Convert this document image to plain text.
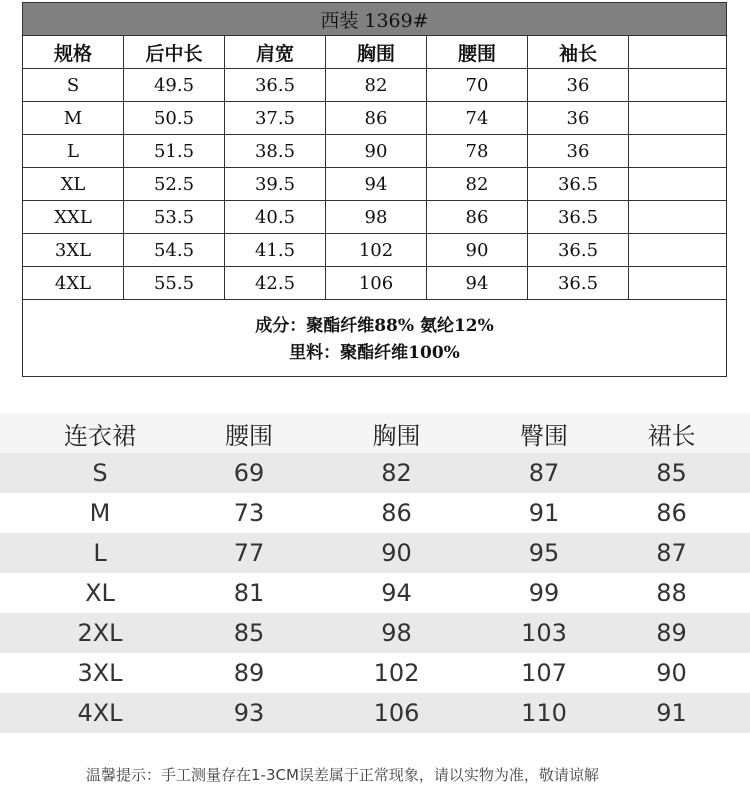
西装 1369#
规格	后中长	肩宽	胸围	腰围	袖长
S	49.5	36.5	82	70	36
M	50.5	37.5	86	74	36
L	51.5	38.5	90	78	36
XL	52.5	39.5	94	82	36.5
XXL	53.5	40.5	98	86	36.5
3XL	54.5	41.5	102	90	36.5
4XL	55.5	42.5	106	94	36.5
成分：聚酯纤维88% 氨纶12%
里料：聚酯纤维100%
连衣裙	腰围	胸围	臀围	裙长
S	69	82	87	85
M	73	86	91	86
L	77	90	95	87
XL	81	94	99	88
2XL	85	98	103	89
3XL	89	102	107	90
4XL	93	106	110	91
温馨提示：手工测量存在1-3CM误差属于正常现象，请以实物为准，敬请谅解
